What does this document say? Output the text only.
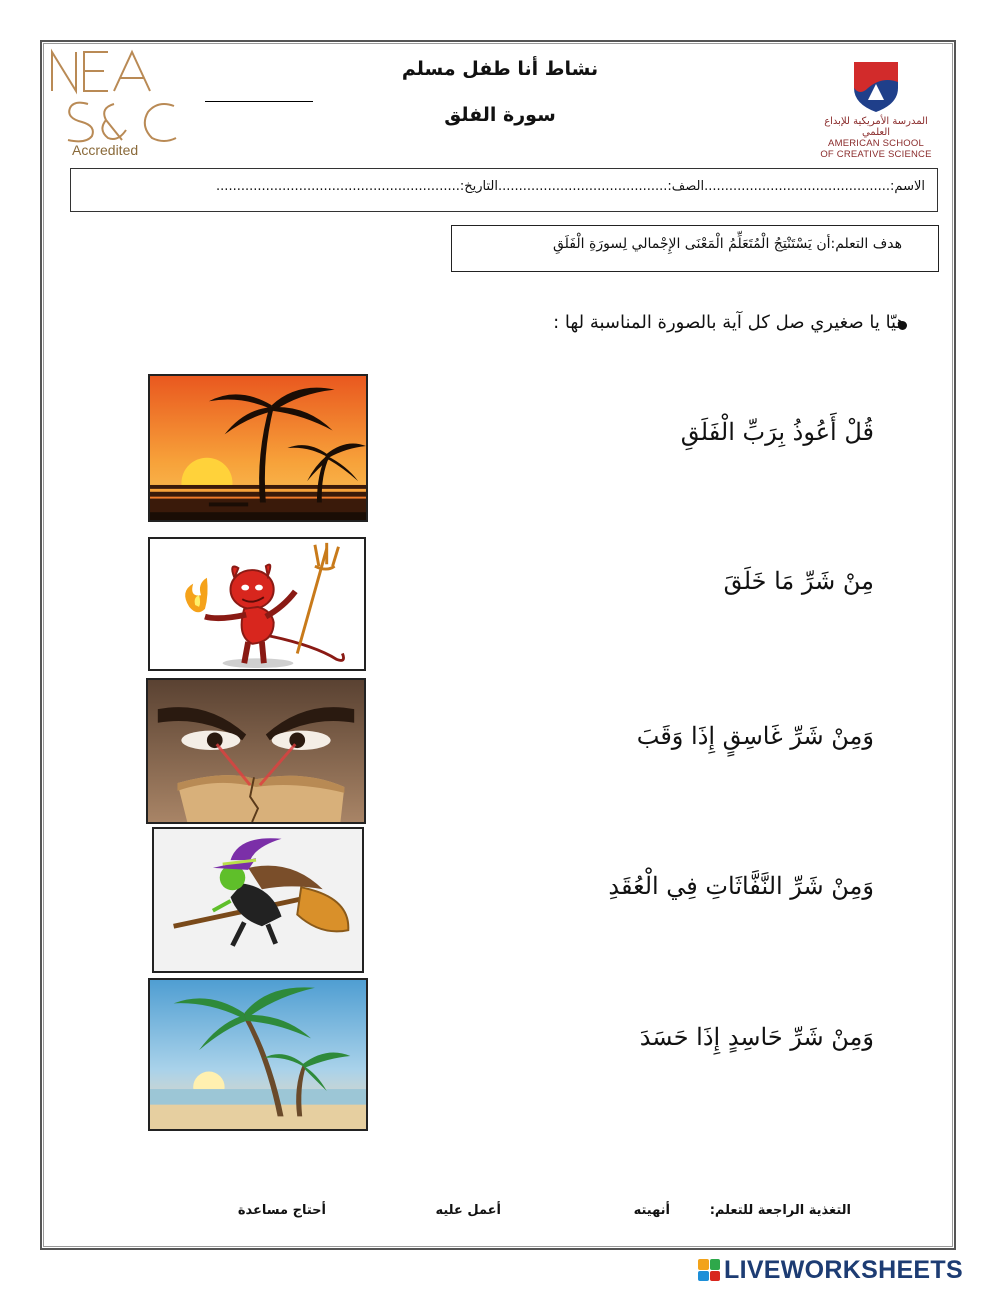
Accredited
نشاط أنا طفل مسلم
سورة الفلق	المدرسة الأمريكية للإبداع العلمي
AMERICAN SCHOOL
OF CREATIVE SCIENCE
الاسم:.............................................الصف:.........................................التاريخ:...........................................................
هدف التعلم:أن يَسْتَنْتِجُ الْمُتَعَلِّمُ الْمَعْنَى الإِجْمالي لِسورَةِ الْفَلَقِ
هيّا يا صغيري صل كل آية بالصورة المناسبة لها :
قُلْ أَعُوذُ بِرَبِّ الْفَلَقِ
مِنْ شَرِّ مَا خَلَقَ
وَمِنْ شَرِّ غَاسِقٍ إِذَا وَقَبَ
وَمِنْ شَرِّ النَّفَّاثَاتِ فِي الْعُقَدِ
وَمِنْ شَرِّ حَاسِدٍ إِذَا حَسَدَ
التغذية الراجعة للتعلم:
أنهيته
أعمل عليه
أحتاج مساعدة
LIVEWORKSHEETS
